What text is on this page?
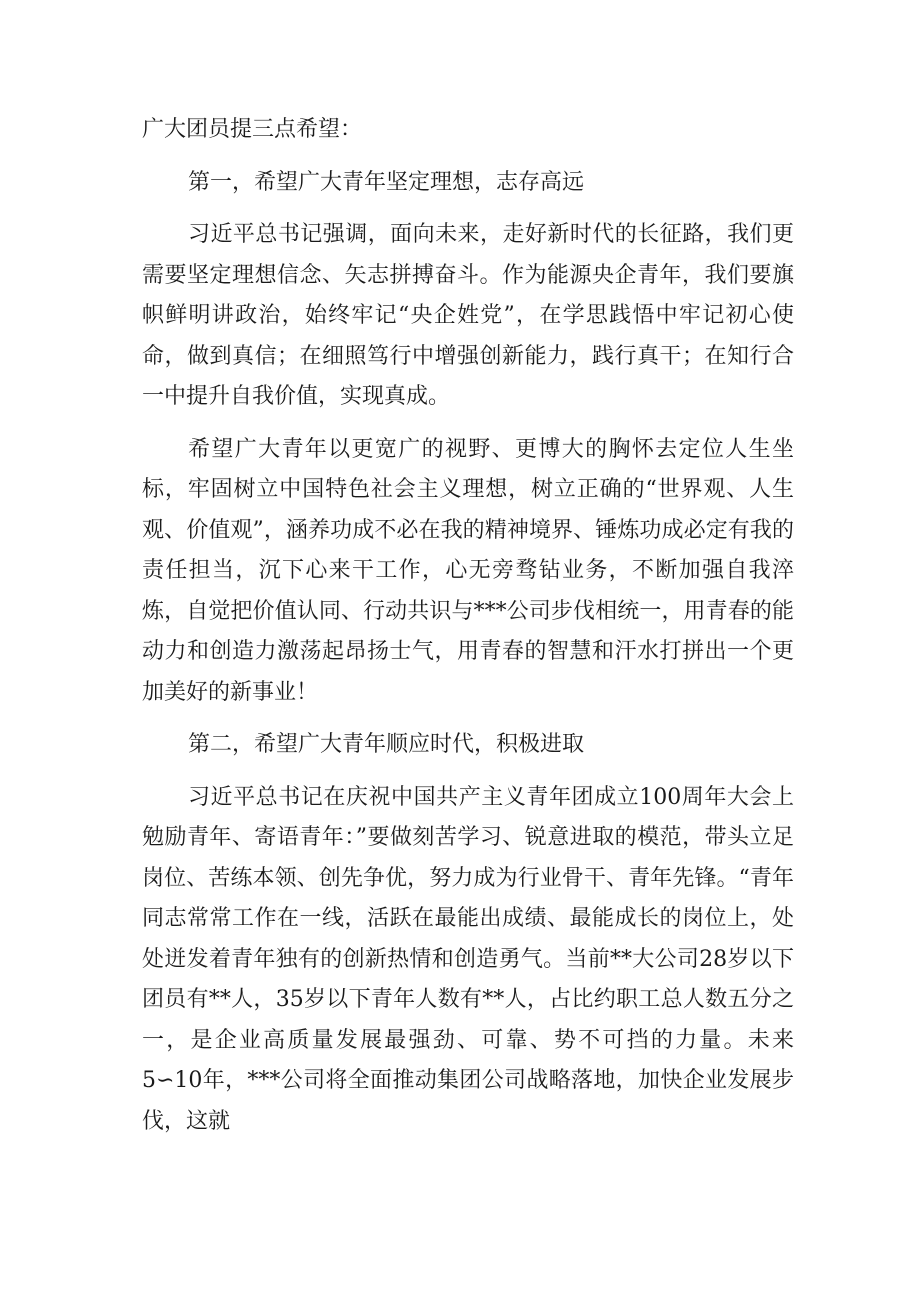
广大团员提三点希望：

第一，希望广大青年坚定理想，志存高远

习近平总书记强调，面向未来，走好新时代的长征路，我们更需要坚定理想信念、矢志拼搏奋斗。作为能源央企青年，我们要旗帜鲜明讲政治，始终牢记“央企姓党”，在学思践悟中牢记初心使命，做到真信；在细照笃行中增强创新能力，践行真干；在知行合一中提升自我价值，实现真成。

希望广大青年以更宽广的视野、更博大的胸怀去定位人生坐标，牢固树立中国特色社会主义理想，树立正确的“世界观、人生观、价值观”，涵养功成不必在我的精神境界、锤炼功成必定有我的责任担当，沉下心来干工作，心无旁骛钻业务，不断加强自我淬炼，自觉把价值认同、行动共识与***公司步伐相统一，用青春的能动力和创造力激荡起昂扬士气，用青春的智慧和汗水打拼出一个更加美好的新事业！

第二，希望广大青年顺应时代，积极进取

习近平总书记在庆祝中国共产主义青年团成立100周年大会上勉励青年、寄语青年：”要做刻苦学习、锐意进取的模范，带头立足岗位、苦练本领、创先争优，努力成为行业骨干、青年先锋。“青年同志常常工作在一线，活跃在最能出成绩、最能成长的岗位上，处处迸发着青年独有的创新热情和创造勇气。当前**大公司28岁以下团员有**人，35岁以下青年人数有**人，占比约职工总人数五分之一，是企业高质量发展最强劲、可靠、势不可挡的力量。未来5∽10年，***公司将全面推动集团公司战略落地，加快企业发展步伐，这就
